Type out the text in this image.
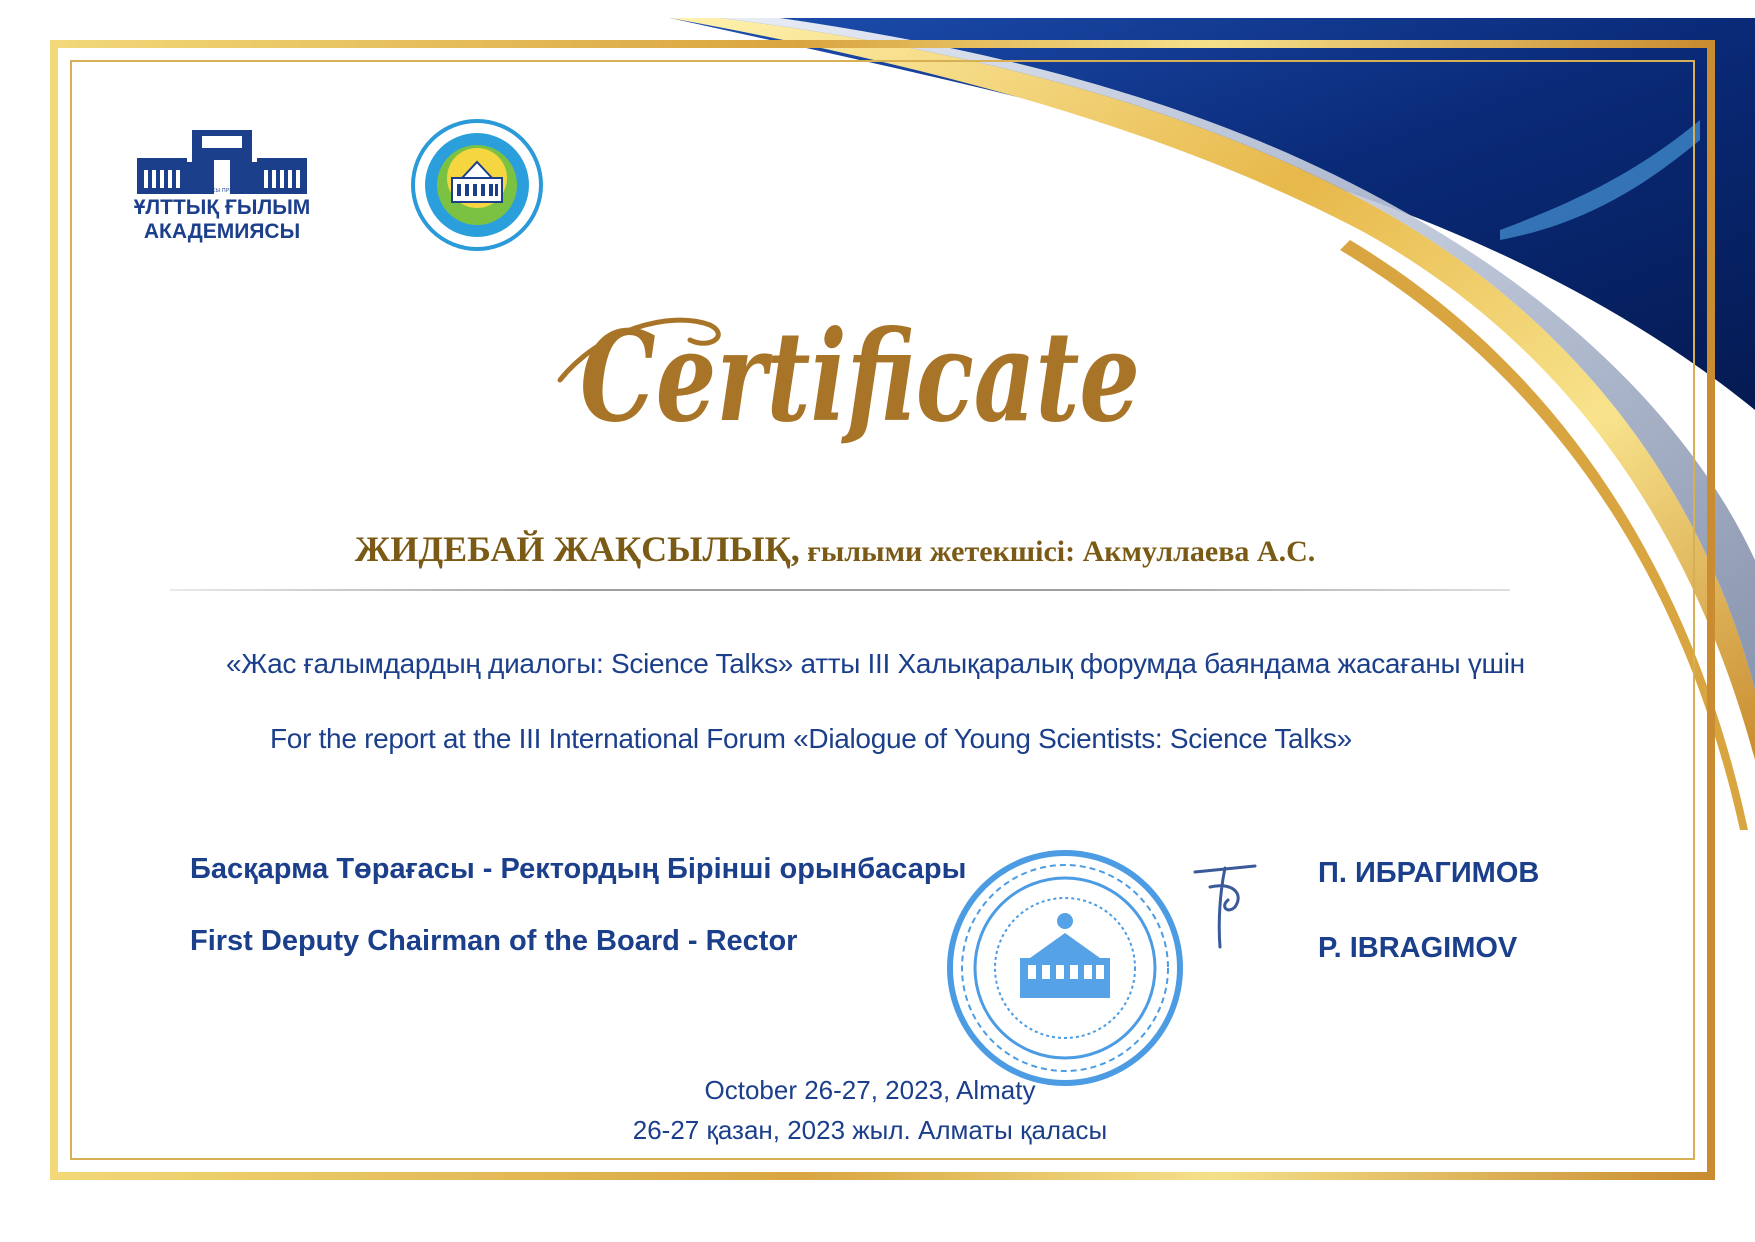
ҚАЗАҚСТАН РЕСПУБЛИКАСЫ ПРЕЗИДЕНТІНІҢ ЖАНЫНДАҒЫ
ҰЛТТЫҚ ҒЫЛЫМ
АКАДЕМИЯСЫ
Certificate
ЖИДЕБАЙ ЖАҚСЫЛЫҚ, ғылыми жетекшісі: Акмуллаева А.С.
«Жас ғалымдардың диалогы: Science Talks» атты III Халықаралық форумда баяндама жасағаны үшін
For the report at the III International Forum «Dialogue of Young Scientists: Science Talks»
Басқарма Төрағасы - Ректордың Бірінші орынбасары
First Deputy Chairman of the Board - Rector
П. ИБРАГИМОВ
P. IBRAGIMOV
October 26-27, 2023, Almaty
26-27 қазан, 2023 жыл. Алматы қаласы
